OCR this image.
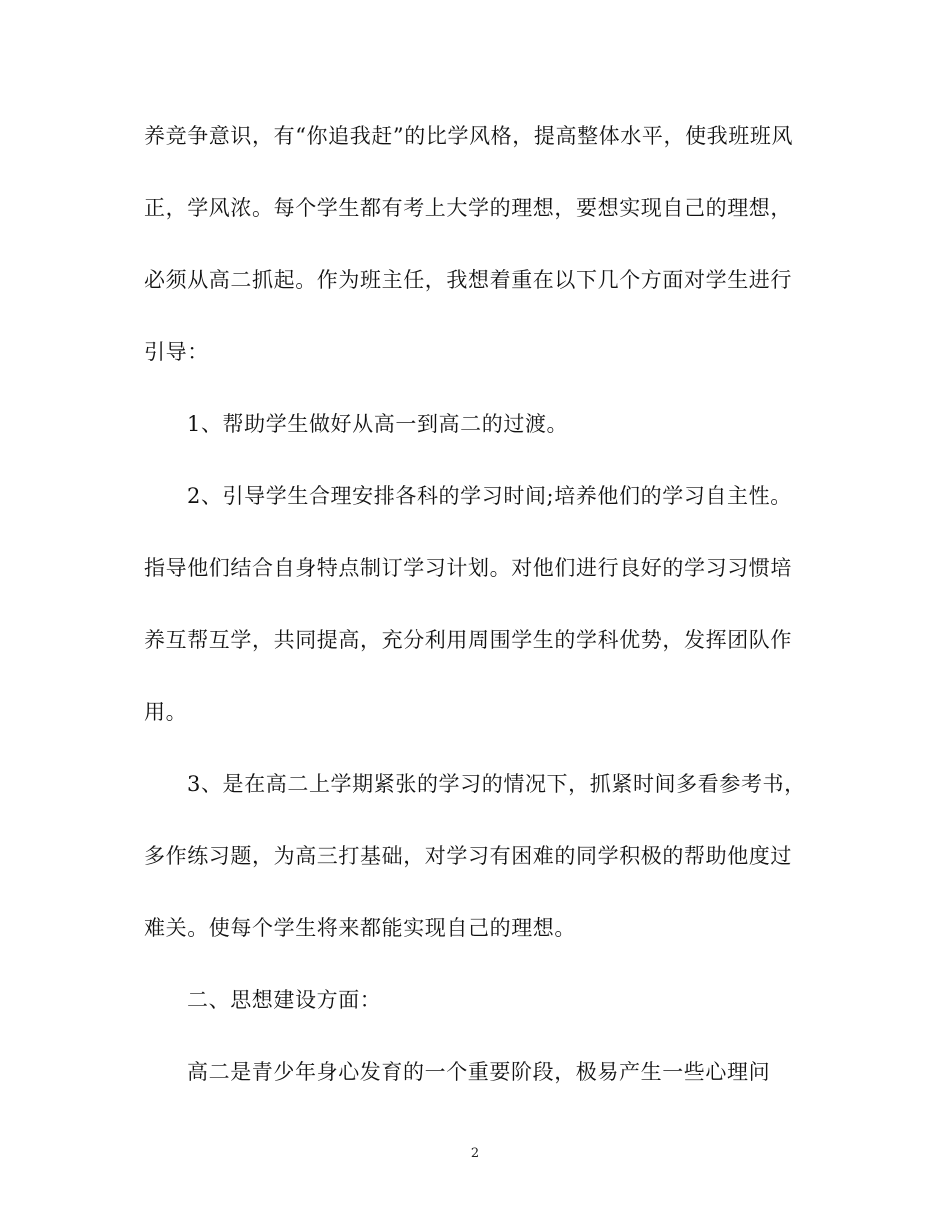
养竞争意识，有“你追我赶”的比学风格，提高整体水平，使我班班风
正，学风浓。每个学生都有考上大学的理想，要想实现自己的理想，
必须从高二抓起。作为班主任，我想着重在以下几个方面对学生进行
引导：
1、帮助学生做好从高一到高二的过渡。
2、引导学生合理安排各科的学习时间;培养他们的学习自主性。
指导他们结合自身特点制订学习计划。对他们进行良好的学习习惯培
养互帮互学，共同提高，充分利用周围学生的学科优势，发挥团队作
用。
3、是在高二上学期紧张的学习的情况下，抓紧时间多看参考书，
多作练习题，为高三打基础，对学习有困难的同学积极的帮助他度过
难关。使每个学生将来都能实现自己的理想。
二、思想建设方面：
高二是青少年身心发育的一个重要阶段，极易产生一些心理问
2
